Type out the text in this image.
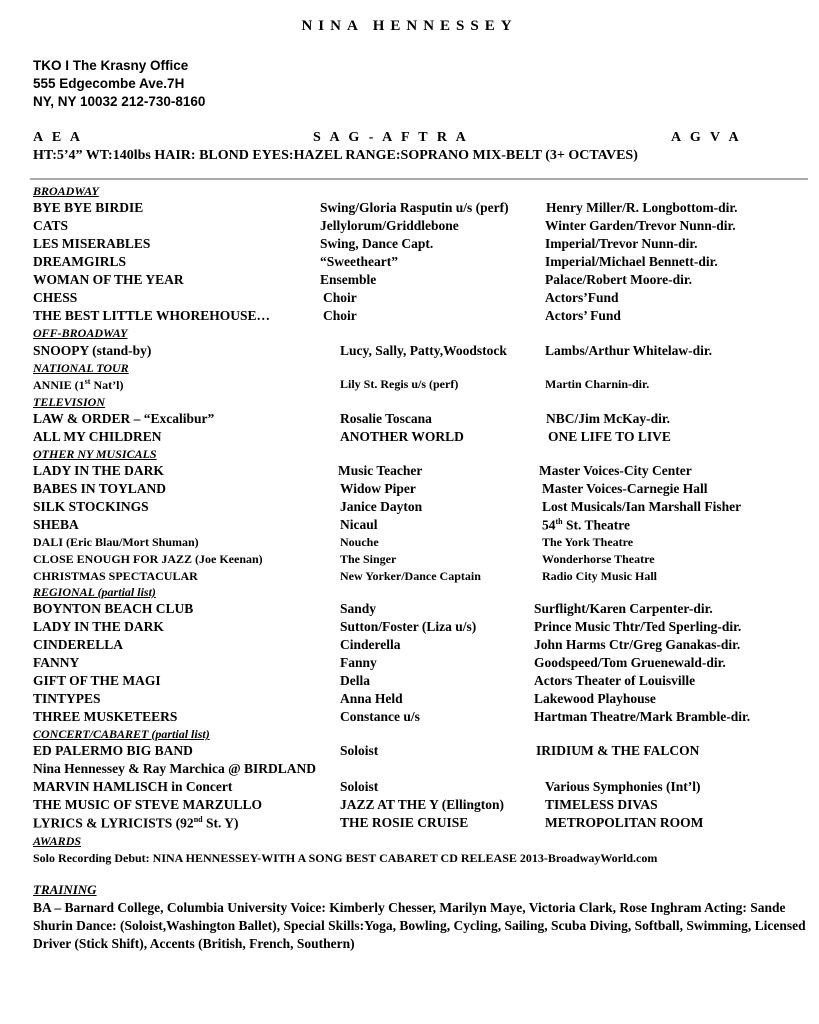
NINA HENNESSEY
TKO I The Krasny Office
555 Edgecombe Ave.7H
NY, NY 10032 212-730-8160
A E A	S A G - A F T R A	A G V A
HT:5’4” WT:140lbs HAIR: BLOND EYES:HAZEL RANGE:SOPRANO MIX-BELT (3+ OCTAVES)
BROADWAY
BYE BYE BIRDIE	Swing/Gloria Rasputin u/s (perf)	Henry Miller/R. Longbottom-dir.
CATS	Jellylorum/Griddlebone	Winter Garden/Trevor Nunn-dir.
LES MISERABLES	Swing, Dance Capt.	Imperial/Trevor Nunn-dir.
DREAMGIRLS	“Sweetheart”	Imperial/Michael Bennett-dir.
WOMAN OF THE YEAR	Ensemble	Palace/Robert Moore-dir.
CHESS	Choir	Actors’Fund
THE BEST LITTLE WHOREHOUSE…	Choir	Actors’ Fund
OFF-BROADWAY
SNOOPY (stand-by)	Lucy, Sally, Patty,Woodstock	Lambs/Arthur Whitelaw-dir.
NATIONAL TOUR
ANNIE (1st Nat’l)	Lily St. Regis u/s (perf)	Martin Charnin-dir.
TELEVISION
LAW & ORDER – “Excalibur”	Rosalie Toscana	NBC/Jim McKay-dir.
ALL MY CHILDREN	ANOTHER WORLD	ONE LIFE TO LIVE
OTHER NY MUSICALS
LADY IN THE DARK	Music Teacher	Master Voices-City Center
BABES IN TOYLAND	Widow Piper	Master Voices-Carnegie Hall
SILK STOCKINGS	Janice Dayton	Lost Musicals/Ian Marshall Fisher
SHEBA	Nicaul	54th St. Theatre
DALI (Eric Blau/Mort Shuman)	Nouche	The York Theatre
CLOSE ENOUGH FOR JAZZ (Joe Keenan)	The Singer	Wonderhorse Theatre
CHRISTMAS SPECTACULAR	New Yorker/Dance Captain	Radio City Music Hall
REGIONAL (partial list)
BOYNTON BEACH CLUB	Sandy	Surflight/Karen Carpenter-dir.
LADY IN THE DARK	Sutton/Foster (Liza u/s)	Prince Music Thtr/Ted Sperling-dir.
CINDERELLA	Cinderella	John Harms Ctr/Greg Ganakas-dir.
FANNY	Fanny	Goodspeed/Tom Gruenewald-dir.
GIFT OF THE MAGI	Della	Actors Theater of Louisville
TINTYPES	Anna Held	Lakewood Playhouse
THREE MUSKETEERS	Constance u/s	Hartman Theatre/Mark Bramble-dir.
CONCERT/CABARET (partial list)
ED PALERMO BIG BAND	Soloist	IRIDIUM & THE FALCON
Nina Hennessey & Ray Marchica @ BIRDLAND
MARVIN HAMLISCH in Concert	Soloist	Various Symphonies (Int’l)
THE MUSIC OF STEVE MARZULLO	JAZZ AT THE Y (Ellington)	TIMELESS DIVAS
LYRICS & LYRICISTS (92nd St. Y)	THE ROSIE CRUISE	METROPOLITAN ROOM
AWARDS
Solo Recording Debut: NINA HENNESSEY-WITH A SONG BEST CABARET CD RELEASE 2013-BroadwayWorld.com
TRAINING
BA – Barnard College, Columbia University Voice: Kimberly Chesser, Marilyn Maye, Victoria Clark, Rose Inghram Acting: Sande Shurin Dance: (Soloist,Washington Ballet), Special Skills:Yoga, Bowling, Cycling, Sailing, Scuba Diving, Softball, Swimming, Licensed Driver (Stick Shift), Accents (British, French, Southern)
